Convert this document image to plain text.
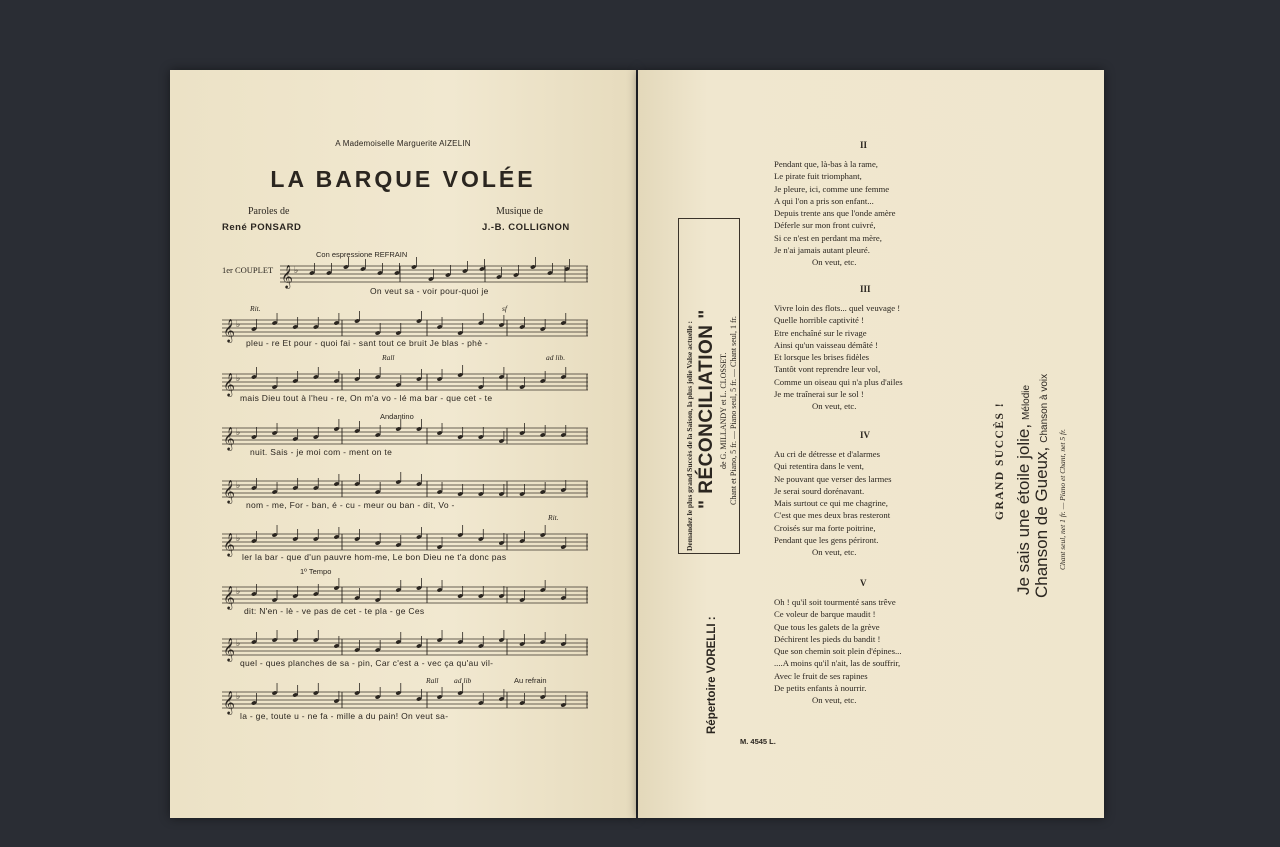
A Mademoiselle Marguerite AIZELIN
LA BARQUE VOLÉE
Paroles de
René PONSARD
Musique de
J.-B. COLLIGNON
Con espressione REFRAIN
1er COUPLET
Rit.	sf
Rall	ad lib.
Andantino
Rit.
1º Tempo
Rall ad lib	Au refrain
𝄞 ♭
𝄞 ♭
𝄞 ♭
𝄞 ♭
𝄞 ♭
𝄞 ♭
𝄞 ♭
𝄞 ♭
𝄞 ♭
On veut sa - voir pour-quoi je
pleu - re Et pour - quoi fai - sant tout ce bruit Je blas - phè -
mais Dieu tout à l'heu - re, On m'a vo - lé ma bar - que cet - te
nuit. Sais - je moi com - ment on te
nom - me, For - ban, é - cu - meur ou ban - dit, Vo -
ler la bar - que d'un pauvre hom-me, Le bon Dieu ne t'a donc pas
dit: N'en - lè - ve pas de cet - te pla - ge Ces
quel - ques planches de sa - pin, Car c'est a - vec ça qu'au vil-
la - ge, toute u - ne fa - mille a du pain! On veut sa-
II
Pendant que, là-bas à la rame,
Le pirate fuit triomphant,
Je pleure, ici, comme une femme
A qui l'on a pris son enfant...
Depuis trente ans que l'onde amère
Déferle sur mon front cuivré,
Si ce n'est en perdant ma mère,
Je n'ai jamais autant pleuré.
On veut, etc.
III
Vivre loin des flots... quel veuvage !
Quelle horrible captivité !
Etre enchaîné sur le rivage
Ainsi qu'un vaisseau démâté !
Et lorsque les brises fidèles
Tantôt vont reprendre leur vol,
Comme un oiseau qui n'a plus d'ailes
Je me traînerai sur le sol !
On veut, etc.
IV
Au cri de détresse et d'alarmes
Qui retentira dans le vent,
Ne pouvant que verser des larmes
Je serai sourd dorénavant.
Mais surtout ce qui me chagrine,
C'est que mes deux bras resteront
Croisés sur ma forte poitrine,
Pendant que les gens périront.
On veut, etc.
V
Oh ! qu'il soit tourmenté sans trêve
Ce voleur de barque maudit !
Que tous les galets de la grève
Déchirent les pieds du bandit !
Que son chemin soit plein d'épines...
....A moins qu'il n'ait, las de souffrir,
Avec le fruit de ses rapines
De petits enfants à nourrir.
On veut, etc.
M. 4545 L.
Répertoire VORELLI :
Demandez le plus grand Succès de la Saison, la plus jolie Valse actuelle : " RÉCONCILIATION " de G. MILLANDY et L. CLOSSET. Chant et Piano, 5 fr. — Piano seul, 5 fr. — Chant seul, 1 fr.	GRAND SUCCÈS ! Je sais une étoile jolie, Mélodie
Chanson de Gueux, Chanson à voix
Chant seul, net 1 fr. — Piano et Chant, net 5 fr.
